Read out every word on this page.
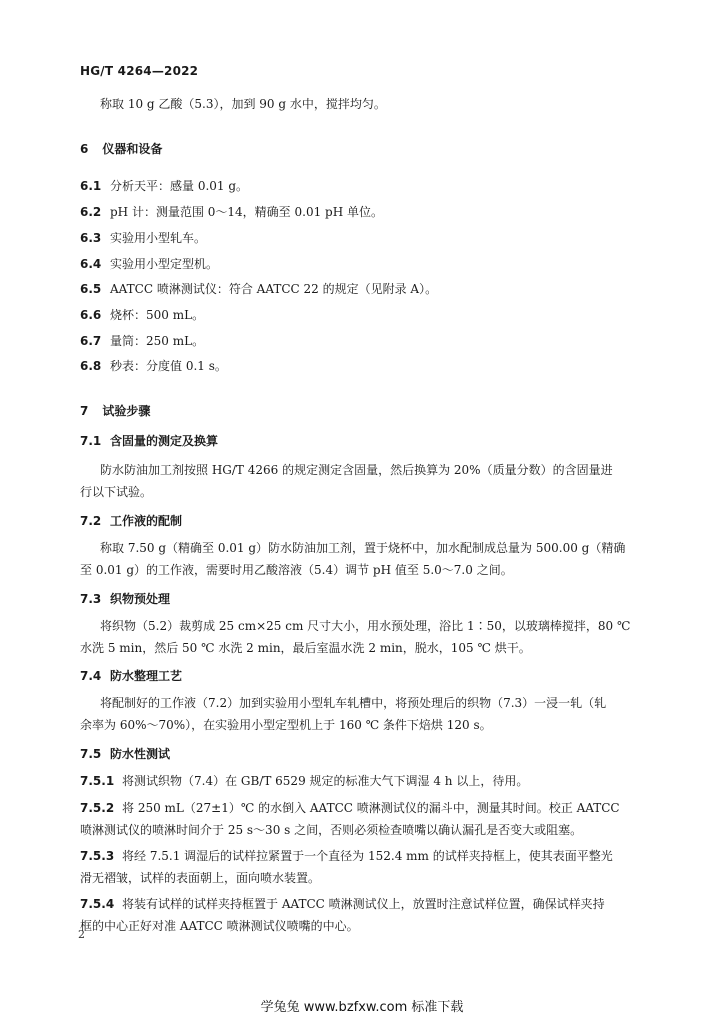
HG/T 4264—2022
称取 10 g 乙酸（5.3），加到 90 g 水中，搅拌均匀。
6 仪器和设备
6.1 分析天平：感量 0.01 g。
6.2 pH 计：测量范围 0～14，精确至 0.01 pH 单位。
6.3 实验用小型轧车。
6.4 实验用小型定型机。
6.5 AATCC 喷淋测试仪：符合 AATCC 22 的规定（见附录 A）。
6.6 烧杯：500 mL。
6.7 量筒：250 mL。
6.8 秒表：分度值 0.1 s。
7 试验步骤
7.1 含固量的测定及换算
防水防油加工剂按照 HG/T 4266 的规定测定含固量，然后换算为 20%（质量分数）的含固量进
行以下试验。
7.2 工作液的配制
称取 7.50 g（精确至 0.01 g）防水防油加工剂，置于烧杯中，加水配制成总量为 500.00 g（精确
至 0.01 g）的工作液，需要时用乙酸溶液（5.4）调节 pH 值至 5.0～7.0 之间。
7.3 织物预处理
将织物（5.2）裁剪成 25 cm×25 cm 尺寸大小，用水预处理，浴比 1∶50，以玻璃棒搅拌，80 ℃
水洗 5 min，然后 50 ℃ 水洗 2 min，最后室温水洗 2 min，脱水，105 ℃ 烘干。
7.4 防水整理工艺
将配制好的工作液（7.2）加到实验用小型轧车轧槽中，将预处理后的织物（7.3）一浸一轧（轧
余率为 60%～70%），在实验用小型定型机上于 160 ℃ 条件下焙烘 120 s。
7.5 防水性测试
7.5.1 将测试织物（7.4）在 GB/T 6529 规定的标准大气下调湿 4 h 以上，待用。
7.5.2 将 250 mL（27±1）℃ 的水倒入 AATCC 喷淋测试仪的漏斗中，测量其时间。校正 AATCC
喷淋测试仪的喷淋时间介于 25 s～30 s 之间，否则必须检查喷嘴以确认漏孔是否变大或阻塞。
7.5.3 将经 7.5.1 调湿后的试样拉紧置于一个直径为 152.4 mm 的试样夹持框上，使其表面平整光
滑无褶皱，试样的表面朝上，面向喷水装置。
7.5.4 将装有试样的试样夹持框置于 AATCC 喷淋测试仪上，放置时注意试样位置，确保试样夹持
框的中心正好对准 AATCC 喷淋测试仪喷嘴的中心。
2
学兔兔 www.bzfxw.com 标准下载
